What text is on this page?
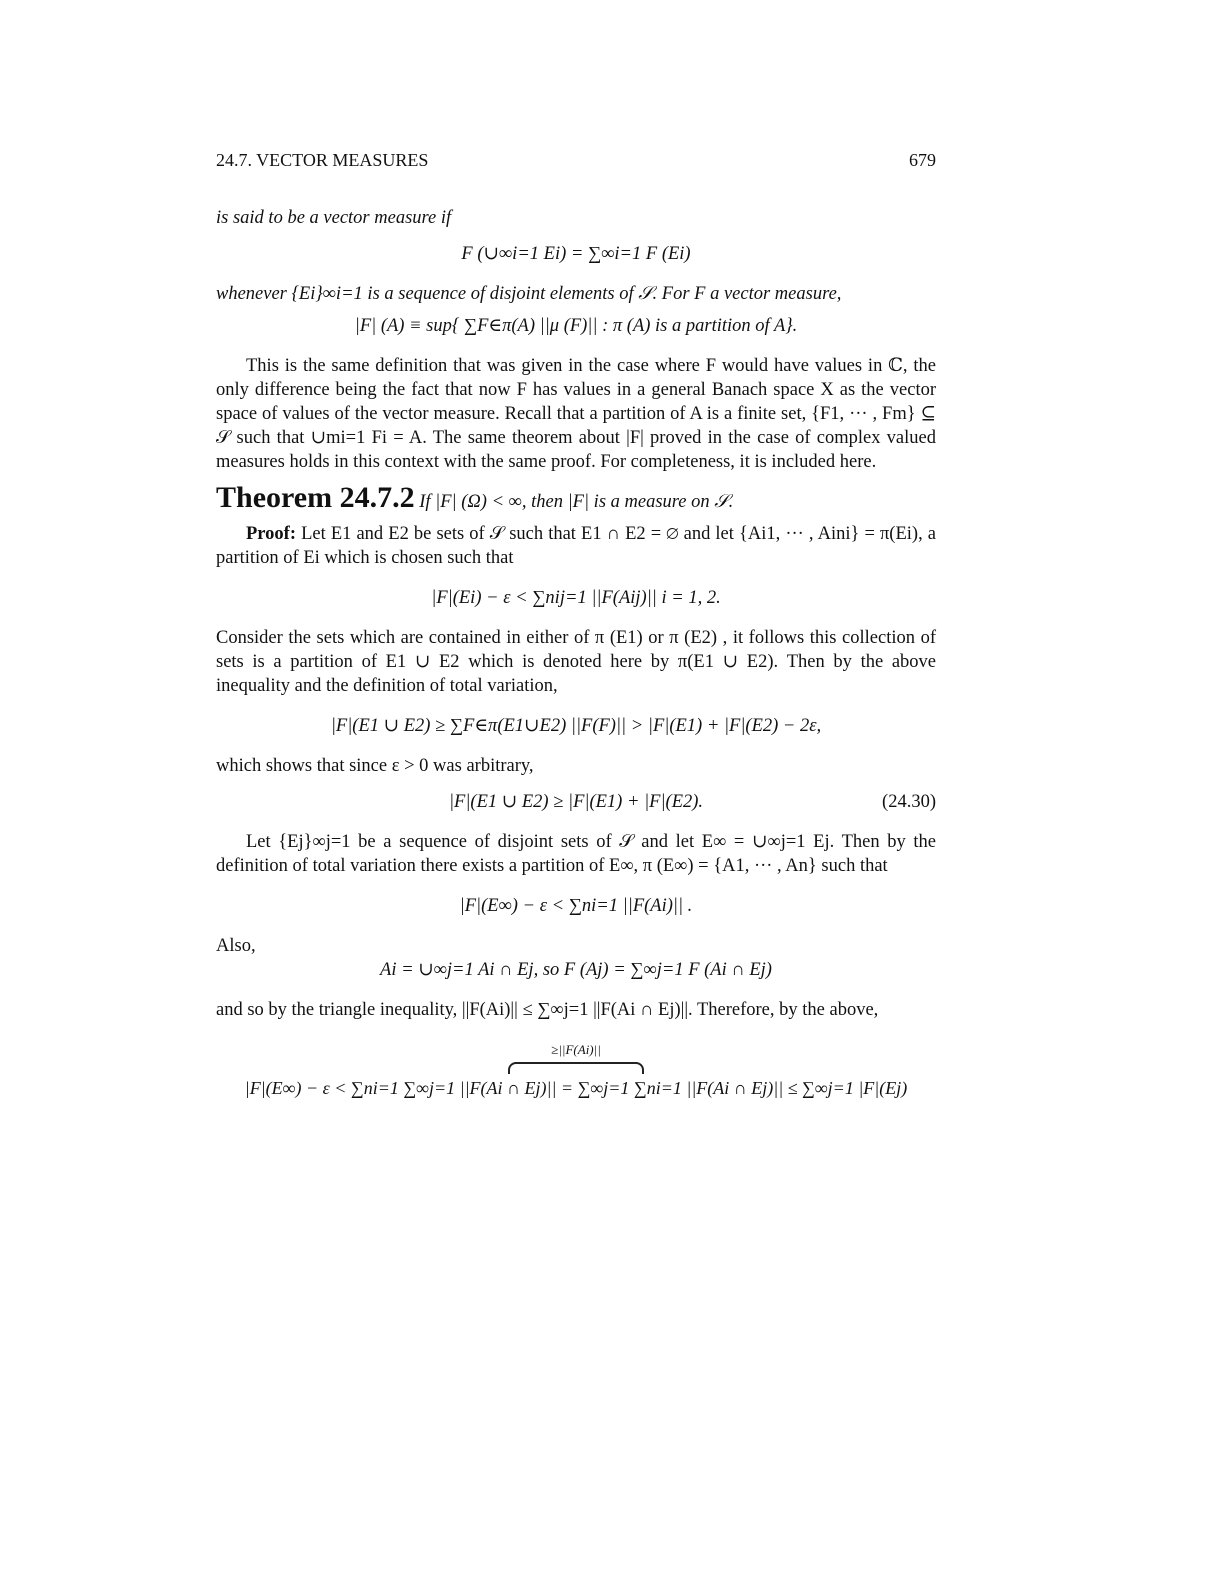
24.7. VECTOR MEASURES	679

is said to be a vector measure if

F (∪∞i=1 Ei) = ∑∞i=1 F (Ei)

whenever {Ei}∞i=1 is a sequence of disjoint elements of 𝒮. For F a vector measure,

|F| (A) ≡ sup{ ∑F∈π(A) ||μ (F)|| : π (A) is a partition of A}.

This is the same definition that was given in the case where F would have values in ℂ, the only difference being the fact that now F has values in a general Banach space X as the vector space of values of the vector measure. Recall that a partition of A is a finite set, {F1, ··· , Fm} ⊆ 𝒮 such that ∪mi=1 Fi = A. The same theorem about |F| proved in the case of complex valued measures holds in this context with the same proof. For completeness, it is included here.

Theorem 24.7.2 If |F| (Ω) < ∞, then |F| is a measure on 𝒮.

Proof: Let E1 and E2 be sets of 𝒮 such that E1 ∩ E2 = ∅ and let {Ai1, ··· , Aini} = π(Ei), a partition of Ei which is chosen such that

|F|(Ei) − ε < ∑nij=1 ||F(Aij)|| i = 1, 2.

Consider the sets which are contained in either of π (E1) or π (E2) , it follows this collection of sets is a partition of E1 ∪ E2 which is denoted here by π(E1 ∪ E2). Then by the above inequality and the definition of total variation,

|F|(E1 ∪ E2) ≥ ∑F∈π(E1∪E2) ||F(F)|| > |F|(E1) + |F|(E2) − 2ε,

which shows that since ε > 0 was arbitrary,

|F|(E1 ∪ E2) ≥ |F|(E1) + |F|(E2).	(24.30)

Let {Ej}∞j=1 be a sequence of disjoint sets of 𝒮 and let E∞ = ∪∞j=1 Ej. Then by the definition of total variation there exists a partition of E∞, π (E∞) = {A1, ··· , An} such that

|F|(E∞) − ε < ∑ni=1 ||F(Ai)|| .

Also,

Ai = ∪∞j=1 Ai ∩ Ej, so F (Aj) = ∑∞j=1 F (Ai ∩ Ej)

and so by the triangle inequality, ||F(Ai)|| ≤ ∑∞j=1 ||F(Ai ∩ Ej)||. Therefore, by the above,

≥||F(Ai)||

|F|(E∞) − ε < ∑ni=1 ∑∞j=1 ||F(Ai ∩ Ej)|| = ∑∞j=1 ∑ni=1 ||F(Ai ∩ Ej)|| ≤ ∑∞j=1 |F|(Ej)
